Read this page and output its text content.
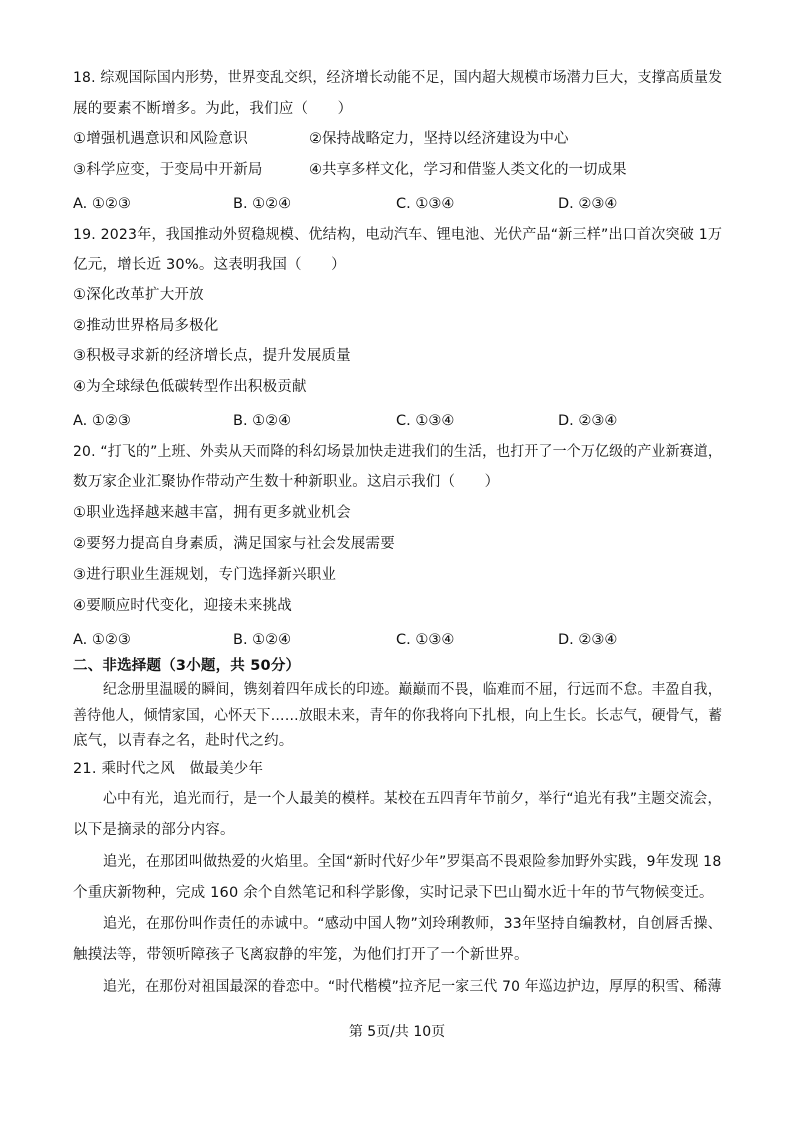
18. 综观国际国内形势，世界变乱交织，经济增长动能不足，国内超大规模市场潜力巨大，支撑高质量发
展的要素不断增多。为此，我们应（　　）
①增强机遇意识和风险意识	②保持战略定力，坚持以经济建设为中心
③科学应变，于变局中开新局	④共享多样文化，学习和借鉴人类文化的一切成果
A. ①②③	B. ①②④	C. ①③④	D. ②③④
19. 2023年，我国推动外贸稳规模、优结构，电动汽车、锂电池、光伏产品“新三样”出口首次突破 1万
亿元，增长近 30%。这表明我国（　　）
①深化改革扩大开放
②推动世界格局多极化
③积极寻求新的经济增长点，提升发展质量
④为全球绿色低碳转型作出积极贡献
A. ①②③	B. ①②④	C. ①③④	D. ②③④
20. “打飞的”上班、外卖从天而降的科幻场景加快走进我们的生活，也打开了一个万亿级的产业新赛道，
数万家企业汇聚协作带动产生数十种新职业。这启示我们（　　）
①职业选择越来越丰富，拥有更多就业机会
②要努力提高自身素质，满足国家与社会发展需要
③进行职业生涯规划，专门选择新兴职业
④要顺应时代变化，迎接未来挑战
A. ①②③	B. ①②④	C. ①③④	D. ②③④
二、非选择题（3小题，共 50分）
纪念册里温暖的瞬间，镌刻着四年成长的印迹。巅巅而不畏，临难而不屈，行远而不怠。丰盈自我，
善待他人，倾情家国，心怀天下……放眼未来，青年的你我将向下扎根，向上生长。长志气，硬骨气，蓄
底气，以青春之名，赴时代之约。
21. 乘时代之风　做最美少年
心中有光，追光而行，是一个人最美的模样。某校在五四青年节前夕，举行“追光有我”主题交流会，
以下是摘录的部分内容。
追光，在那团叫做热爱的火焰里。全国“新时代好少年”罗渠高不畏艰险参加野外实践，9年发现 18
个重庆新物种，完成 160 余个自然笔记和科学影像，实时记录下巴山蜀水近十年的节气物候变迁。
追光，在那份叫作责任的赤诚中。“感动中国人物”刘玲琍教师，33年坚持自编教材，自创唇舌操、
触摸法等，带领听障孩子飞离寂静的牢笼，为他们打开了一个新世界。
追光，在那份对祖国最深的眷恋中。“时代楷模”拉齐尼一家三代 70 年巡边护边，厚厚的积雪、稀薄
第 5页/共 10页
